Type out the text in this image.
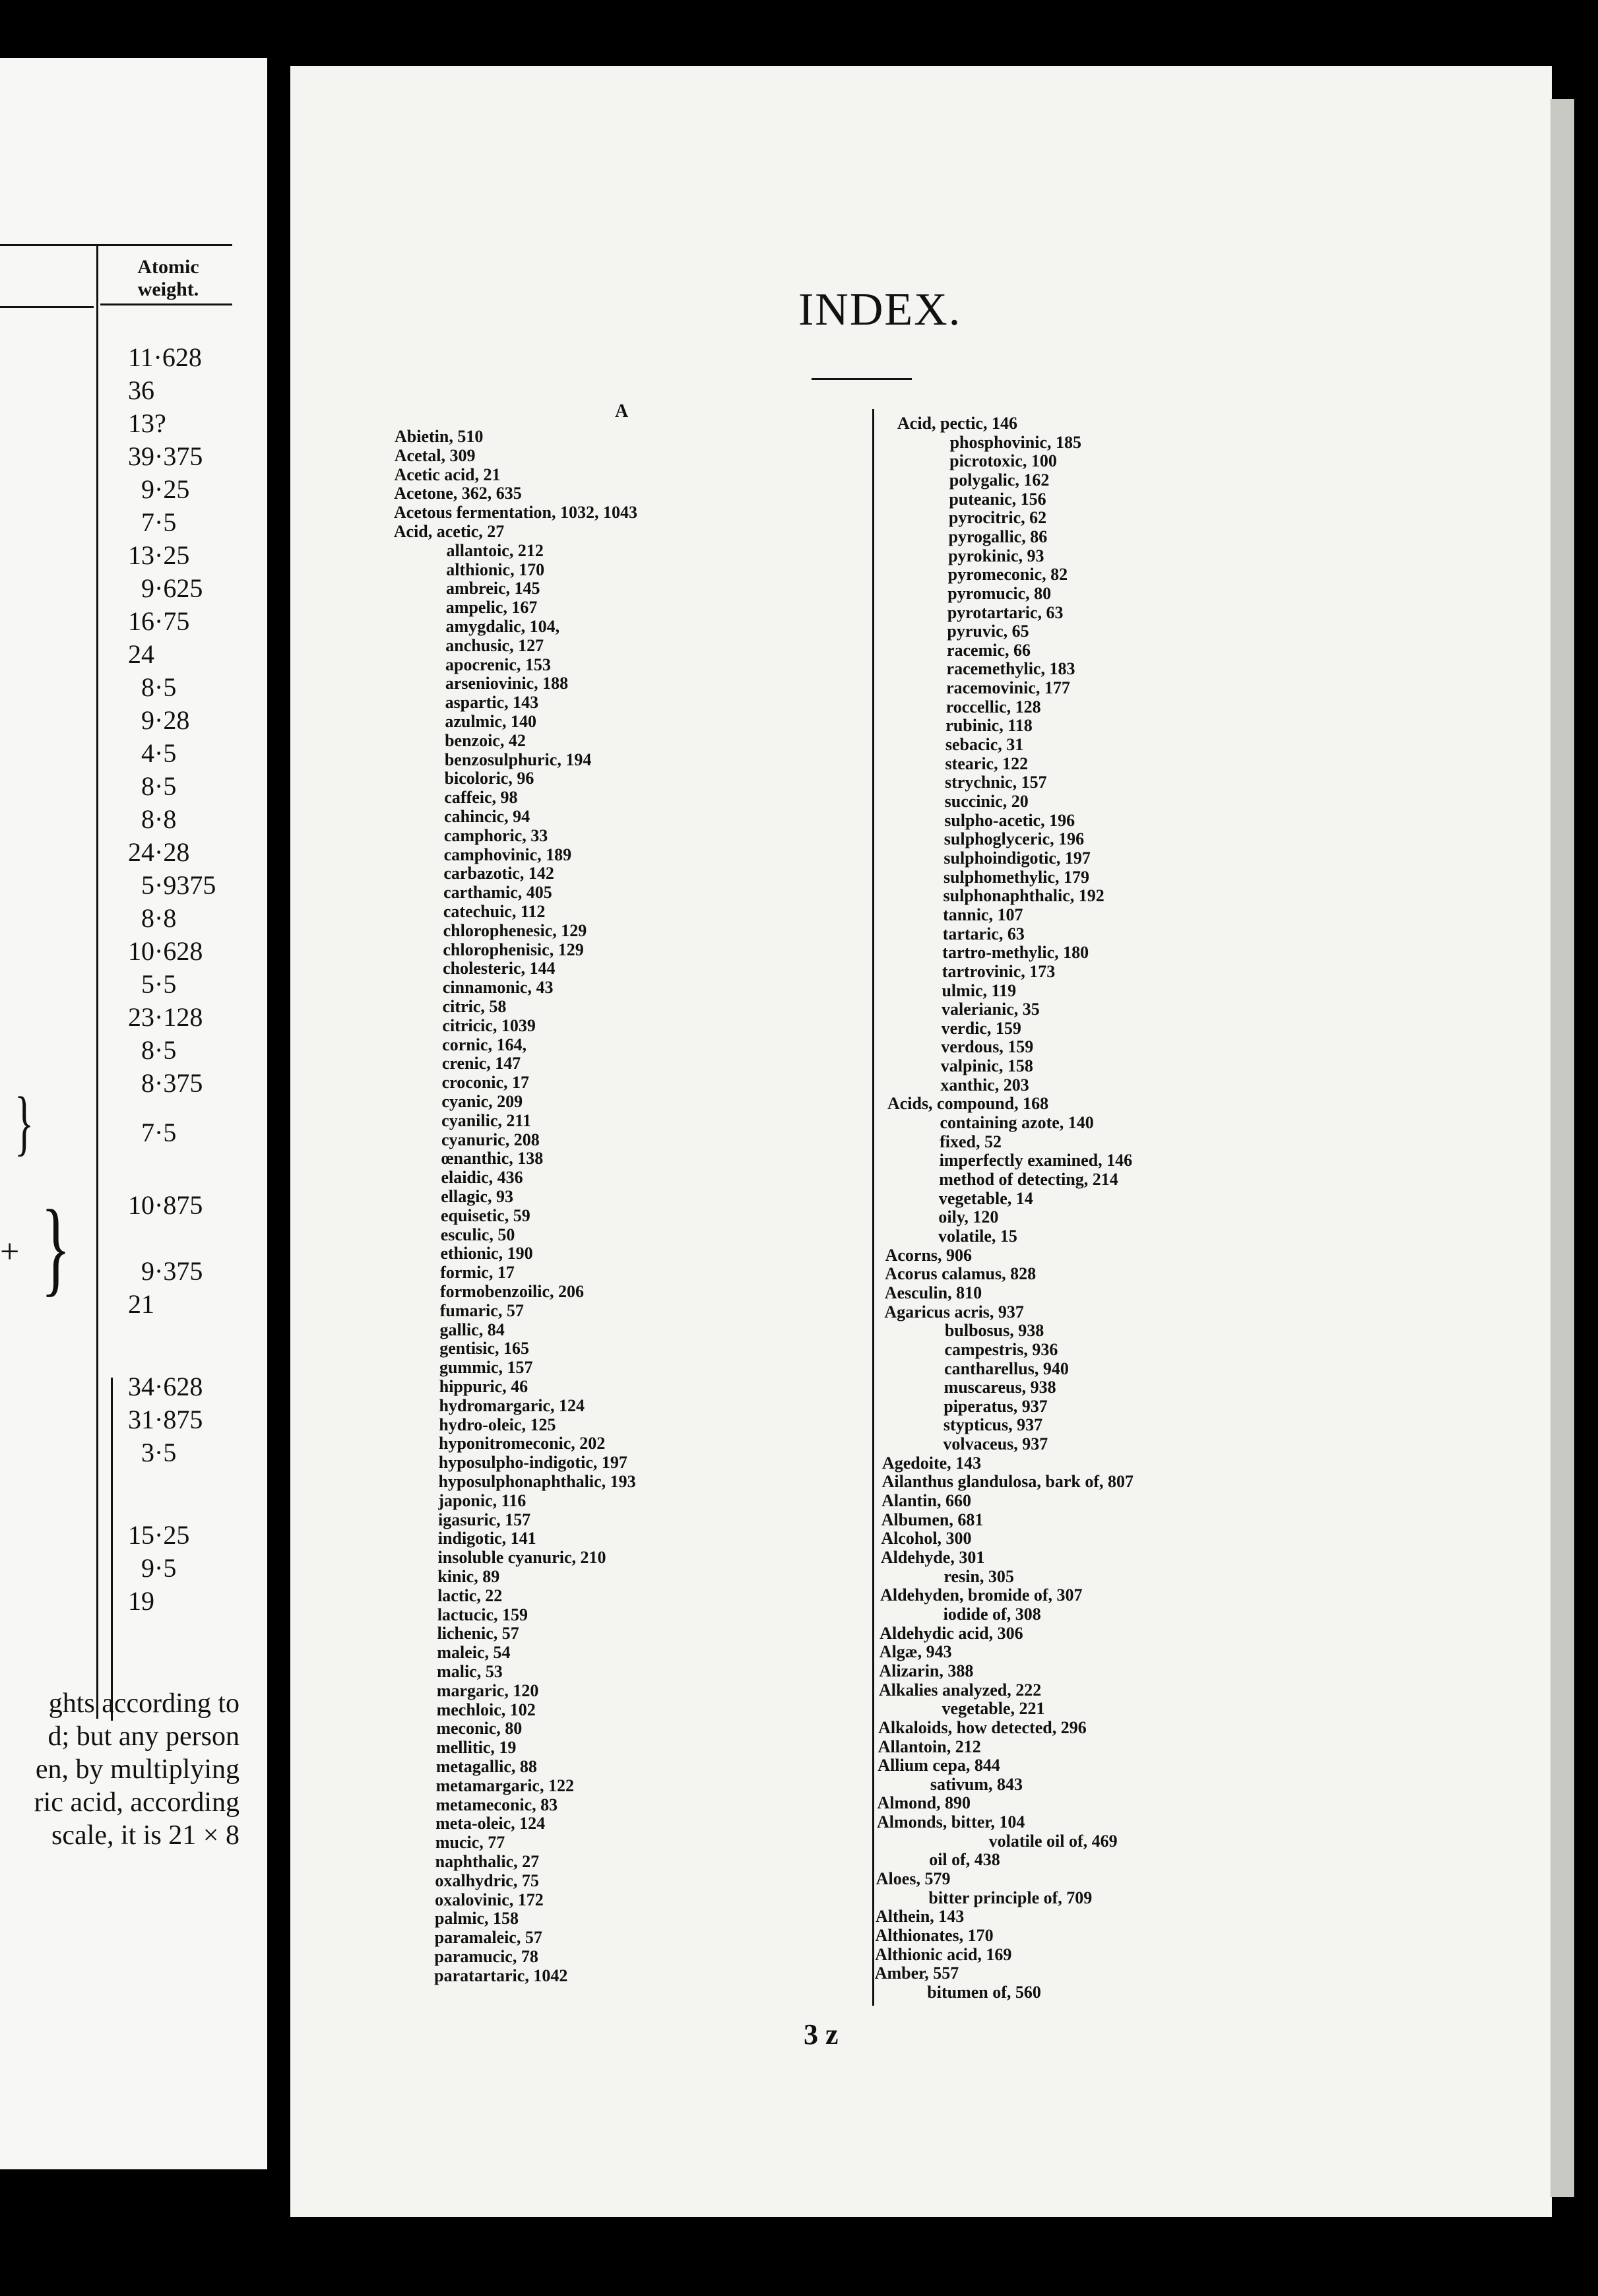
Atomic
weight.
11·628
36
13?
39·375
9·25
7·5
13·25
9·625
16·75
24
8·5
9·28
4·5
8·5
8·8
24·28
5·9375
8·8
10·628
5·5
23·128
8·5
8·375
7·5
10·875
9·375
21
34·628
31·875
3·5
15·25
9·5
19
+
}
}
ghts according to
d; but any person
en, by multiplying
ric acid, according
scale, it is 21 × 8
INDEX.
A
Abietin, 510
Acetal, 309
Acetic acid, 21
Acetone, 362, 635
Acetous fermentation, 1032, 1043
Acid, acetic, 27
allantoic, 212
althionic, 170
ambreic, 145
ampelic, 167
amygdalic, 104,
anchusic, 127
apocrenic, 153
arseniovinic, 188
aspartic, 143
azulmic, 140
benzoic, 42
benzosulphuric, 194
bicoloric, 96
caffeic, 98
cahincic, 94
camphoric, 33
camphovinic, 189
carbazotic, 142
carthamic, 405
catechuic, 112
chlorophenesic, 129
chlorophenisic, 129
cholesteric, 144
cinnamonic, 43
citric, 58
citricic, 1039
cornic, 164,
crenic, 147
croconic, 17
cyanic, 209
cyanilic, 211
cyanuric, 208
œnanthic, 138
elaidic, 436
ellagic, 93
equisetic, 59
esculic, 50
ethionic, 190
formic, 17
formobenzoilic, 206
fumaric, 57
gallic, 84
gentisic, 165
gummic, 157
hippuric, 46
hydromargaric, 124
hydro-oleic, 125
hyponitromeconic, 202
hyposulpho-indigotic, 197
hyposulphonaphthalic, 193
japonic, 116
igasuric, 157
indigotic, 141
insoluble cyanuric, 210
kinic, 89
lactic, 22
lactucic, 159
lichenic, 57
maleic, 54
malic, 53
margaric, 120
mechloic, 102
meconic, 80
mellitic, 19
metagallic, 88
metamargaric, 122
metameconic, 83
meta-oleic, 124
mucic, 77
naphthalic, 27
oxalhydric, 75
oxalovinic, 172
palmic, 158
paramaleic, 57
paramucic, 78
paratartaric, 1042
Acid, pectic, 146
phosphovinic, 185
picrotoxic, 100
polygalic, 162
puteanic, 156
pyrocitric, 62
pyrogallic, 86
pyrokinic, 93
pyromeconic, 82
pyromucic, 80
pyrotartaric, 63
pyruvic, 65
racemic, 66
racemethylic, 183
racemovinic, 177
roccellic, 128
rubinic, 118
sebacic, 31
stearic, 122
strychnic, 157
succinic, 20
sulpho-acetic, 196
sulphoglyceric, 196
sulphoindigotic, 197
sulphomethylic, 179
sulphonaphthalic, 192
tannic, 107
tartaric, 63
tartro-methylic, 180
tartrovinic, 173
ulmic, 119
valerianic, 35
verdic, 159
verdous, 159
valpinic, 158
xanthic, 203
Acids, compound, 168
containing azote, 140
fixed, 52
imperfectly examined, 146
method of detecting, 214
vegetable, 14
oily, 120
volatile, 15
Acorns, 906
Acorus calamus, 828
Aesculin, 810
Agaricus acris, 937
bulbosus, 938
campestris, 936
cantharellus, 940
muscareus, 938
piperatus, 937
stypticus, 937
volvaceus, 937
Agedoite, 143
Ailanthus glandulosa, bark of, 807
Alantin, 660
Albumen, 681
Alcohol, 300
Aldehyde, 301
resin, 305
Aldehyden, bromide of, 307
iodide of, 308
Aldehydic acid, 306
Algæ, 943
Alizarin, 388
Alkalies analyzed, 222
vegetable, 221
Alkaloids, how detected, 296
Allantoin, 212
Allium cepa, 844
sativum, 843
Almond, 890
Almonds, bitter, 104
volatile oil of, 469
oil of, 438
Aloes, 579
bitter principle of, 709
Althein, 143
Althionates, 170
Althionic acid, 169
Amber, 557
bitumen of, 560
3 z
